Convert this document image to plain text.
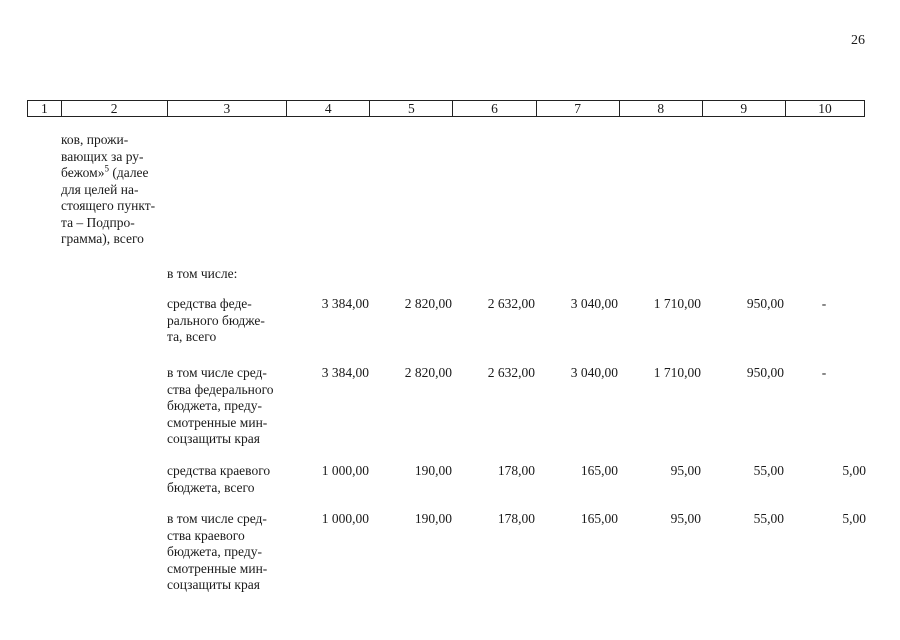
26
1	2	3	4	5	6	7	8	9	10
ков, прожи-
вающих за ру-
бежом»$^5$ (далее
для целей на-
стоящего пункт-
та – Подпро-
грамма), всего
в том числе:
средства феде-
рального бюдже-
та, всего
3 384,00	2 820,00	2 632,00	3 040,00	1 710,00	950,00	-
в том числе сред-
ства федерального
бюджета, преду-
смотренные мин-
соцзащиты края
3 384,00	2 820,00	2 632,00	3 040,00	1 710,00	950,00	-
средства краевого
бюджета, всего
1 000,00	190,00	178,00	165,00	95,00	55,00	5,00
в том числе сред-
ства краевого
бюджета, преду-
смотренные мин-
соцзащиты края
1 000,00	190,00	178,00	165,00	95,00	55,00	5,00
